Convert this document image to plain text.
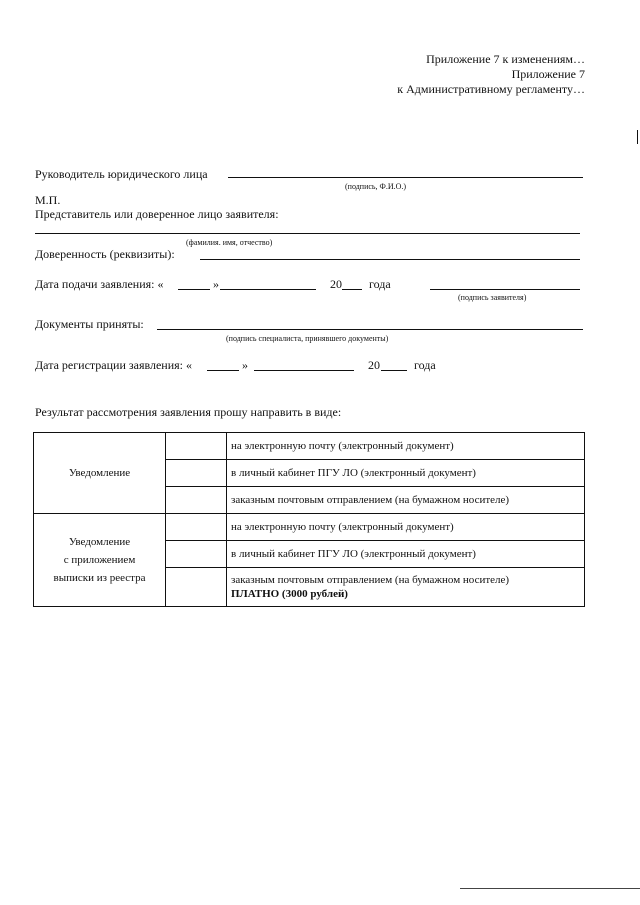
Приложение 7 к изменениям…
Приложение 7
к Административному регламенту…
Руководитель юридического лица
(подпись, Ф.И.О.)
М.П.
Представитель или доверенное лицо заявителя:
(фамилия. имя, отчество)
Доверенность (реквизиты):
Дата подачи заявления: «	»	20 года
(подпись заявителя)
Документы приняты:
(подпись специалиста, принявшего документы)
Дата регистрации заявления: «	»	20	года
Результат рассмотрения заявления прошу направить в виде:
Уведомление		на электронную почту (электронный документ)
		в личный кабинет ПГУ ЛО (электронный документ)
		заказным почтовым отправлением (на бумажном носителе)

Уведомление
с приложением
выписки из реестра		на электронную почту (электронный документ)
		в личный кабинет ПГУ ЛО (электронный документ)

		заказным почтовым отправлением (на бумажном носителе)
ПЛАТНО (3000 рублей)
